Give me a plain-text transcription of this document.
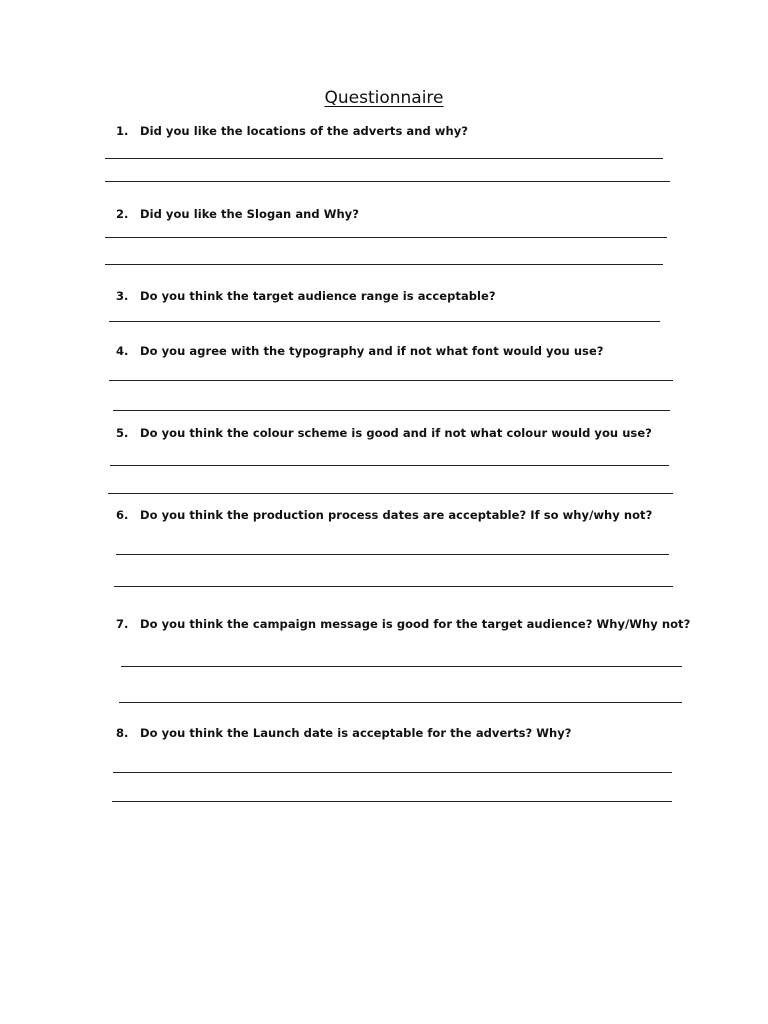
Questionnaire
1. Did you like the locations of the adverts and why?
2. Did you like the Slogan and Why?
3. Do you think the target audience range is acceptable?
4. Do you agree with the typography and if not what font would you use?
5. Do you think the colour scheme is good and if not what colour would you use?
6. Do you think the production process dates are acceptable? If so why/why not?
7. Do you think the campaign message is good for the target audience? Why/Why not?
8. Do you think the Launch date is acceptable for the adverts? Why?
